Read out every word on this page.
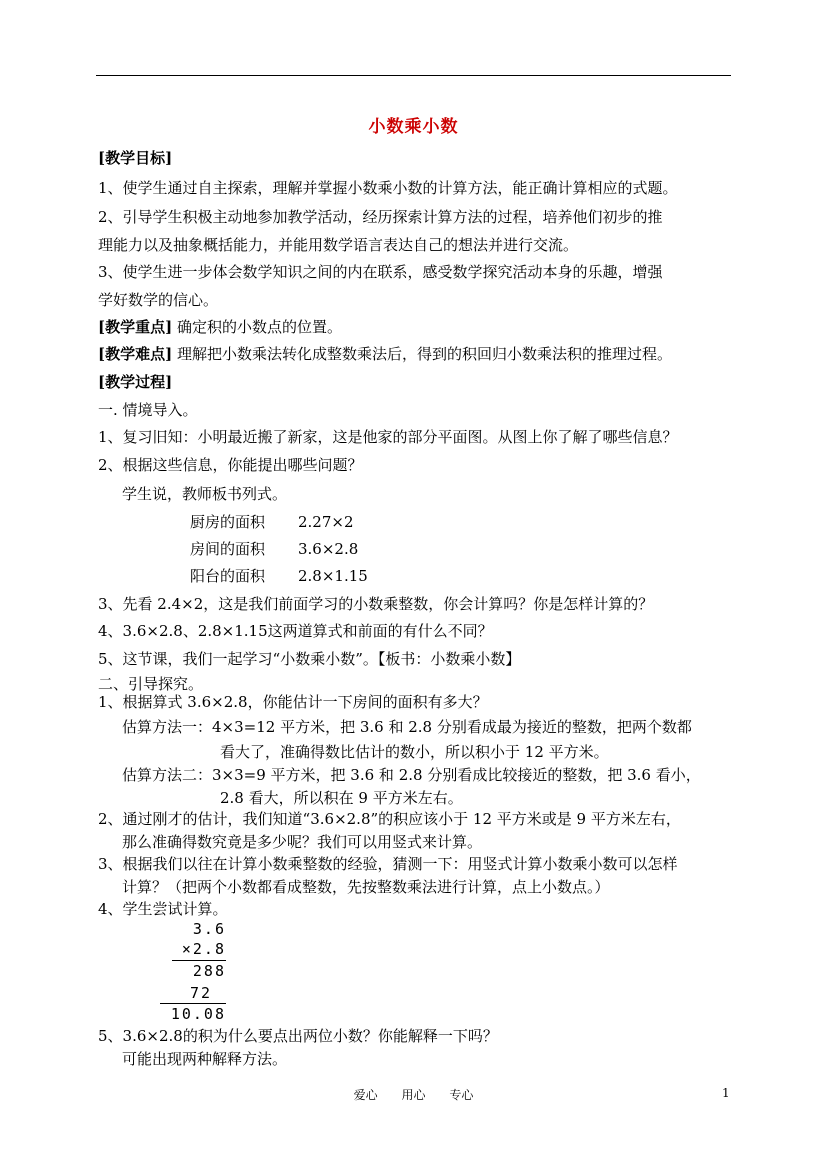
小数乘小数
[教学目标]
1、使学生通过自主探索，理解并掌握小数乘小数的计算方法，能正确计算相应的式题。
2、引导学生积极主动地参加教学活动，经历探索计算方法的过程，培养他们初步的推
理能力以及抽象概括能力，并能用数学语言表达自己的想法并进行交流。
3、使学生进一步体会数学知识之间的内在联系，感受数学探究活动本身的乐趣，增强
学好数学的信心。
[教学重点] 确定积的小数点的位置。
[教学难点] 理解把小数乘法转化成整数乘法后，得到的积回归小数乘法积的推理过程。
[教学过程]
一. 情境导入。
1、复习旧知：小明最近搬了新家，这是他家的部分平面图。从图上你了解了哪些信息？
2、根据这些信息，你能提出哪些问题？
学生说，教师板书列式。
厨房的面积 2.27×2
房间的面积 3.6×2.8
阳台的面积 2.8×1.15
3、先看 2.4×2，这是我们前面学习的小数乘整数，你会计算吗？你是怎样计算的？
4、3.6×2.8、2.8×1.15这两道算式和前面的有什么不同？
5、这节课，我们一起学习“小数乘小数”。【板书：小数乘小数】
二、引导探究。
1、根据算式 3.6×2.8，你能估计一下房间的面积有多大？
估算方法一：4×3=12 平方米，把 3.6 和 2.8 分别看成最为接近的整数，把两个数都
看大了，准确得数比估计的数小，所以积小于 12 平方米。
估算方法二：3×3=9 平方米，把 3.6 和 2.8 分别看成比较接近的整数，把 3.6 看小，
2.8 看大，所以积在 9 平方米左右。
2、通过刚才的估计，我们知道“3.6×2.8”的积应该小于 12 平方米或是 9 平方米左右，
那么准确得数究竟是多少呢？我们可以用竖式来计算。
3、根据我们以往在计算小数乘整数的经验，猜测一下：用竖式计算小数乘小数可以怎样
计算？（把两个小数都看成整数，先按整数乘法进行计算，点上小数点。）
4、学生尝试计算。
3.6
×2.8
288
72
10.08
5、3.6×2.8的积为什么要点出两位小数？你能解释一下吗？
可能出现两种解释方法。
爱心 用心 专心	1
